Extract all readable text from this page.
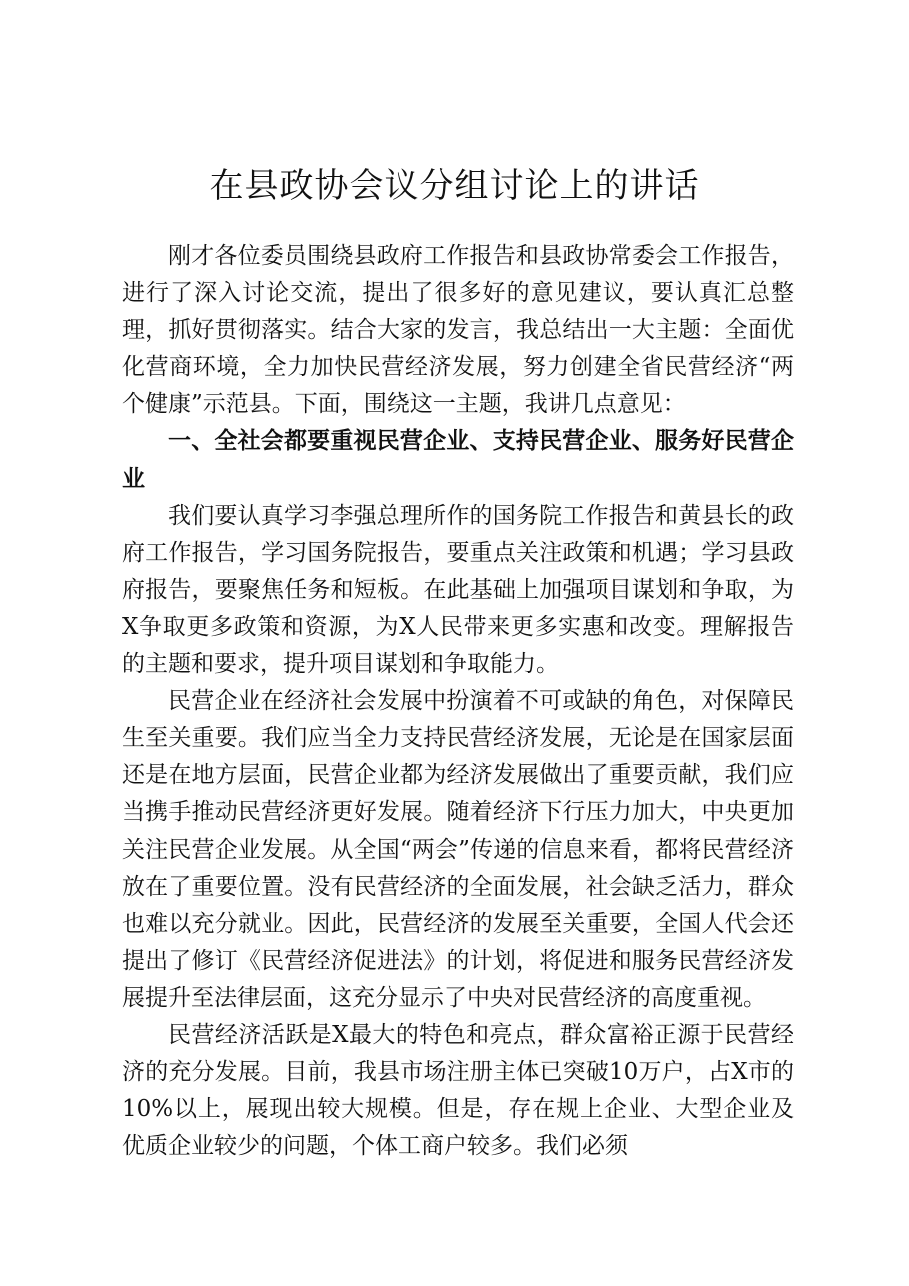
在县政协会议分组讨论上的讲话

刚才各位委员围绕县政府工作报告和县政协常委会工作报告，进行了深入讨论交流，提出了很多好的意见建议，要认真汇总整理，抓好贯彻落实。结合大家的发言，我总结出一大主题：全面优化营商环境，全力加快民营经济发展，努力创建全省民营经济“两个健康”示范县。下面，围绕这一主题，我讲几点意见：

一、全社会都要重视民营企业、支持民营企业、服务好民营企业

我们要认真学习李强总理所作的国务院工作报告和黄县长的政府工作报告，学习国务院报告，要重点关注政策和机遇；学习县政府报告，要聚焦任务和短板。在此基础上加强项目谋划和争取，为X争取更多政策和资源，为X人民带来更多实惠和改变。理解报告的主题和要求，提升项目谋划和争取能力。

民营企业在经济社会发展中扮演着不可或缺的角色，对保障民生至关重要。我们应当全力支持民营经济发展，无论是在国家层面还是在地方层面，民营企业都为经济发展做出了重要贡献，我们应当携手推动民营经济更好发展。随着经济下行压力加大，中央更加关注民营企业发展。从全国“两会”传递的信息来看，都将民营经济放在了重要位置。没有民营经济的全面发展，社会缺乏活力，群众也难以充分就业。因此，民营经济的发展至关重要，全国人代会还提出了修订《民营经济促进法》的计划，将促进和服务民营经济发展提升至法律层面，这充分显示了中央对民营经济的高度重视。

民营经济活跃是X最大的特色和亮点，群众富裕正源于民营经济的充分发展。目前，我县市场注册主体已突破10万户，占X市的10%以上，展现出较大规模。但是，存在规上企业、大型企业及优质企业较少的问题，个体工商户较多。我们必须
